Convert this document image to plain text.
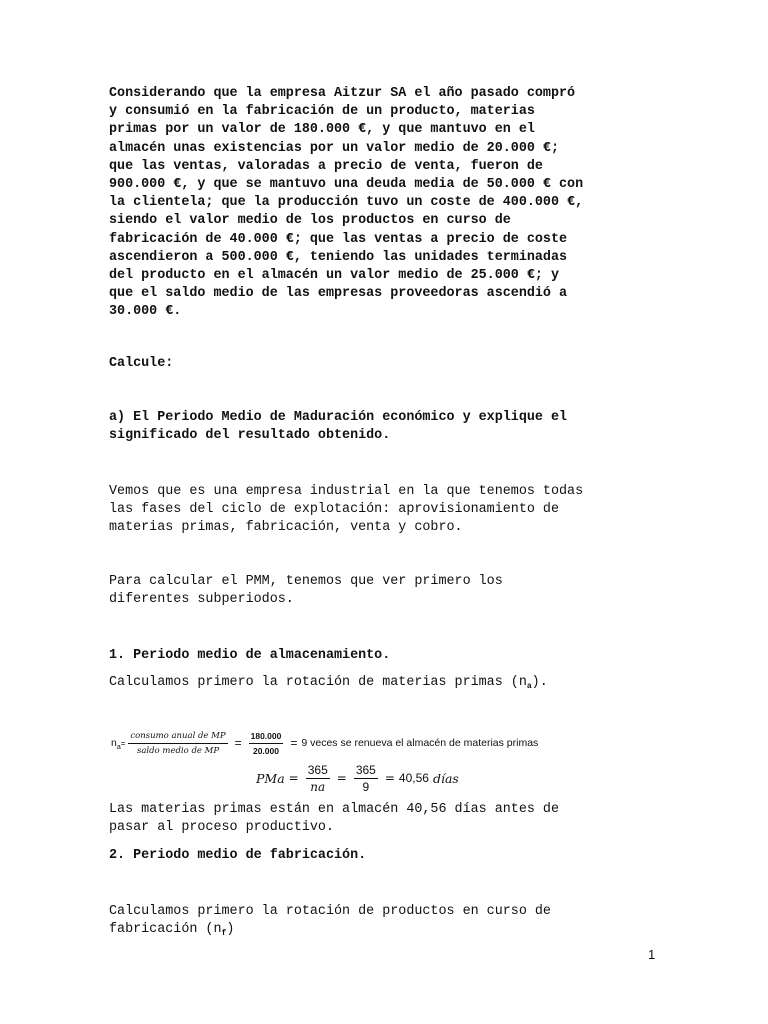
Considerando que la empresa Aitzur SA el año pasado compró
y consumió en la fabricación de un producto, materias
primas por un valor de 180.000 €, y que mantuvo en el
almacén unas existencias por un valor medio de 20.000 €;
que las ventas, valoradas a precio de venta, fueron de
900.000 €, y que se mantuvo una deuda media de 50.000 € con
la clientela; que la producción tuvo un coste de 400.000 €,
siendo el valor medio de los productos en curso de
fabricación de 40.000 €; que las ventas a precio de coste
ascendieron a 500.000 €, teniendo las unidades terminadas
del producto en el almacén un valor medio de 25.000 €; y
que el saldo medio de las empresas proveedoras ascendió a
30.000 €.

Calcule:

a) El Periodo Medio de Maduración económico y explique el
significado del resultado obtenido.

Vemos que es una empresa industrial en la que tenemos todas
las fases del ciclo de explotación: aprovisionamiento de
materias primas, fabricación, venta y cobro.

Para calcular el PMM, tenemos que ver primero los
diferentes subperiodos.

1. Periodo medio de almacenamiento.

Calculamos primero la rotación de materias primas $(n_a)$.

$n_a = \frac{\text{consumo anual de MP}}{\text{saldo medio de MP}} = \frac{180.000}{20.000} = 9$ veces se renueva el almacén de materias primas
PMa = $\frac{365}{na} = \frac{365}{9} = 40,56$ días

Las materias primas están en almacén 40,56 días antes de
pasar al proceso productivo.

2. Periodo medio de fabricación.

Calculamos primero la rotación de productos en curso de
fabricación $(n_f)$

1
